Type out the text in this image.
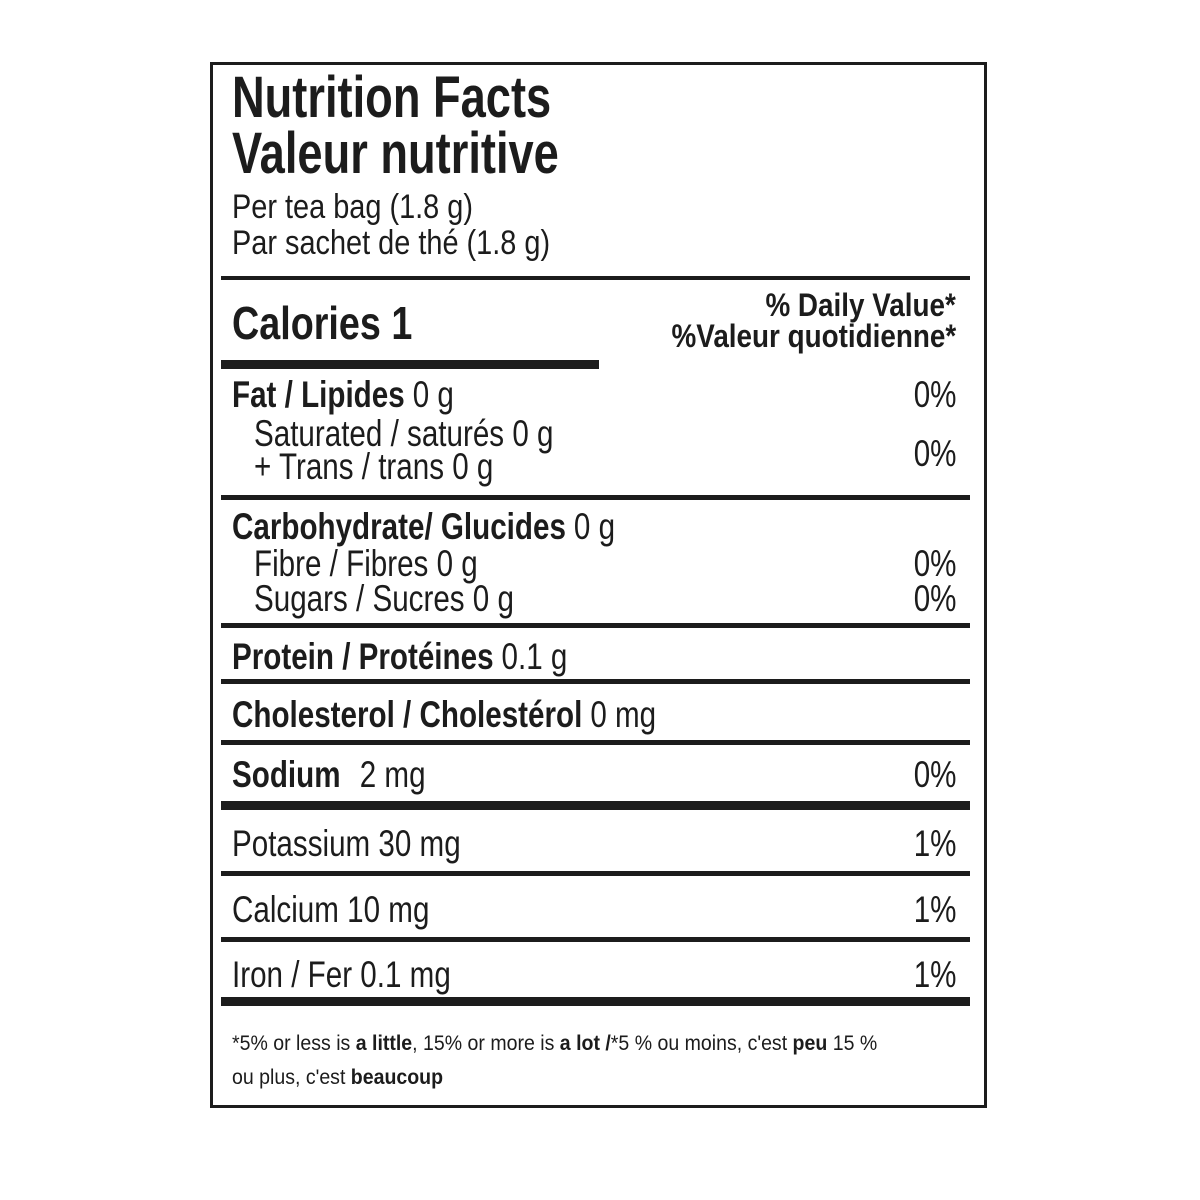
Nutrition Facts
Valeur nutritive
Per tea bag (1.8 g)
Par sachet de thé (1.8 g)
Calories 1	% Daily Value*
%Valeur quotidienne*
Fat / Lipides 0 g	0%
Saturated / saturés 0 g
+ Trans / trans 0 g	0%
Carbohydrate/ Glucides 0 g
Fibre / Fibres 0 g	0%
Sugars / Sucres 0 g	0%
Protein / Protéines 0.1 g
Cholesterol / Cholestérol 0 mg
Sodium 2 mg	0%
Potassium 30 mg	1%
Calcium 10 mg	1%
Iron / Fer 0.1 mg	1%
*5% or less is a little, 15% or more is a lot /*5 % ou moins, c'est peu 15 %
ou plus, c'est beaucoup
